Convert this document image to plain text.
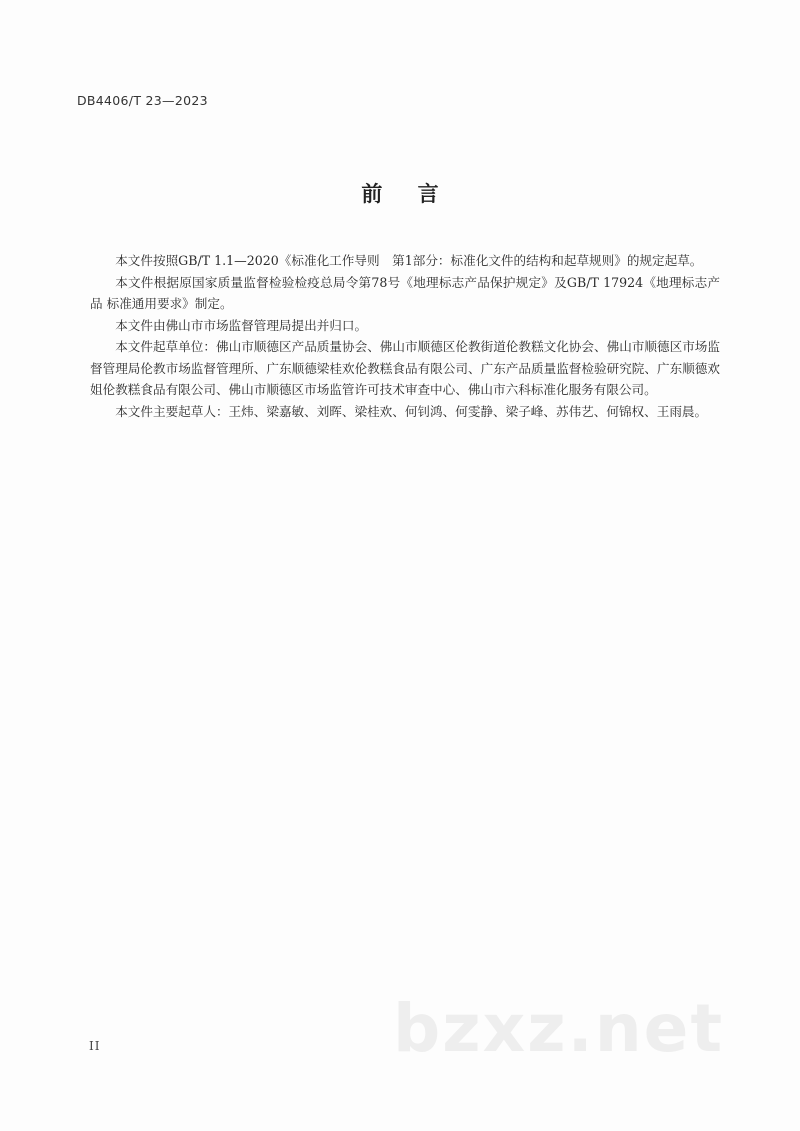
DB4406/T 23—2023
前 言

本文件按照GB/T 1.1—2020《标准化工作导则　第1部分：标准化文件的结构和起草规则》的规定起草。

本文件根据原国家质量监督检验检疫总局令第78号《地理标志产品保护规定》及GB/T 17924《地理标志产品 标准通用要求》制定。

本文件由佛山市市场监督管理局提出并归口。

本文件起草单位：佛山市顺德区产品质量协会、佛山市顺德区伦教街道伦教糕文化协会、佛山市顺德区市场监督管理局伦教市场监督管理所、广东顺德梁桂欢伦教糕食品有限公司、广东产品质量监督检验研究院、广东顺德欢姐伦教糕食品有限公司、佛山市顺德区市场监管许可技术审查中心、佛山市六科标准化服务有限公司。

本文件主要起草人：王炜、梁嘉敏、刘晖、梁桂欢、何钊鸿、何雯静、梁子峰、苏伟艺、何锦权、王雨晨。

II	bzxz.net
